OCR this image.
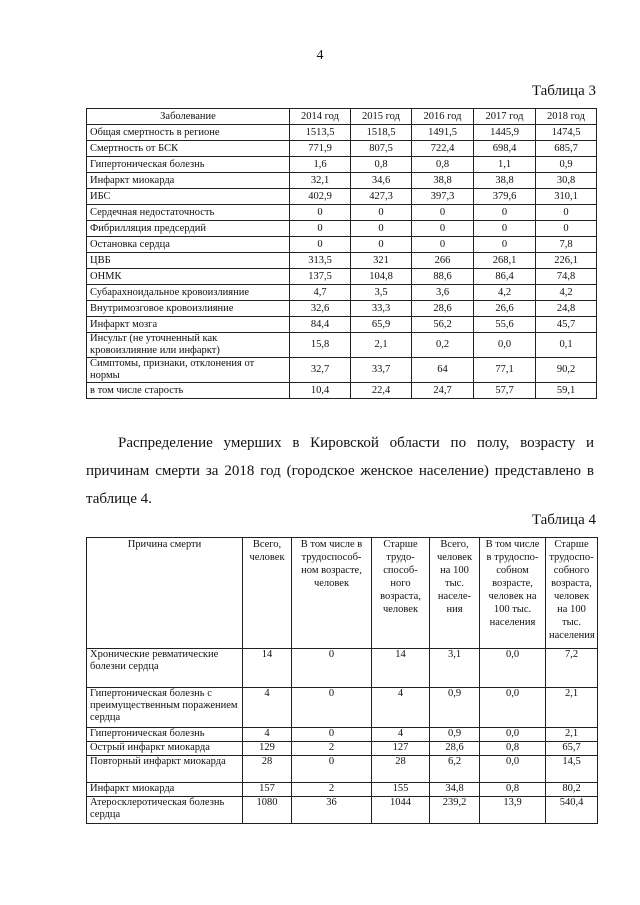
4
Таблица 3
Заболевание	2014 год	2015 год	2016 год	2017 год	2018 год
Общая смертность в регионе	1513,5	1518,5	1491,5	1445,9	1474,5
Смертность от БСК	771,9	807,5	722,4	698,4	685,7
Гипертоническая болезнь	1,6	0,8	0,8	1,1	0,9
Инфаркт миокарда	32,1	34,6	38,8	38,8	30,8
ИБС	402,9	427,3	397,3	379,6	310,1
Сердечная недостаточность	0	0	0	0	0
Фибрилляция предсердий	0	0	0	0	0
Остановка сердца	0	0	0	0	7,8
ЦВБ	313,5	321	266	268,1	226,1
ОНМК	137,5	104,8	88,6	86,4	74,8
Субарахноидальное кровоизлияние	4,7	3,5	3,6	4,2	4,2
Внутримозговое кровоизлияние	32,6	33,3	28,6	26,6	24,8
Инфаркт мозга	84,4	65,9	56,2	55,6	45,7
Инсульт (не уточненный как кровоизлияние или инфаркт)	15,8	2,1	0,2	0,0	0,1
Симптомы, признаки, отклонения от нормы	32,7	33,7	64	77,1	90,2
в том числе старость	10,4	22,4	24,7	57,7	59,1
Распределение умерших в Кировской области по полу, возрасту и причинам смерти за 2018 год (городское женское население) представлено в таблице 4.
Таблица 4
Причина смерти	Всего, человек	В том числе в трудоспособ-ном возрасте, человек	Старше трудо-способ-ного возраста, человек	Всего, человек на 100 тыс. населе-ния	В том числе в трудоспо-собном возрасте, человек на 100 тыс. населения	Старше трудоспо-собного возраста, человек на 100 тыс. населения
Хронические ревматические болезни сердца	14	0	14	3,1	0,0	7,2
Гипертоническая болезнь с преимущественным поражением сердца	4	0	4	0,9	0,0	2,1
Гипертоническая болезнь	4	0	4	0,9	0,0	2,1
Острый инфаркт миокарда	129	2	127	28,6	0,8	65,7
Повторный инфаркт миокарда	28	0	28	6,2	0,0	14,5
Инфаркт миокарда	157	2	155	34,8	0,8	80,2
Атеросклеротическая болезнь сердца	1080	36	1044	239,2	13,9	540,4
